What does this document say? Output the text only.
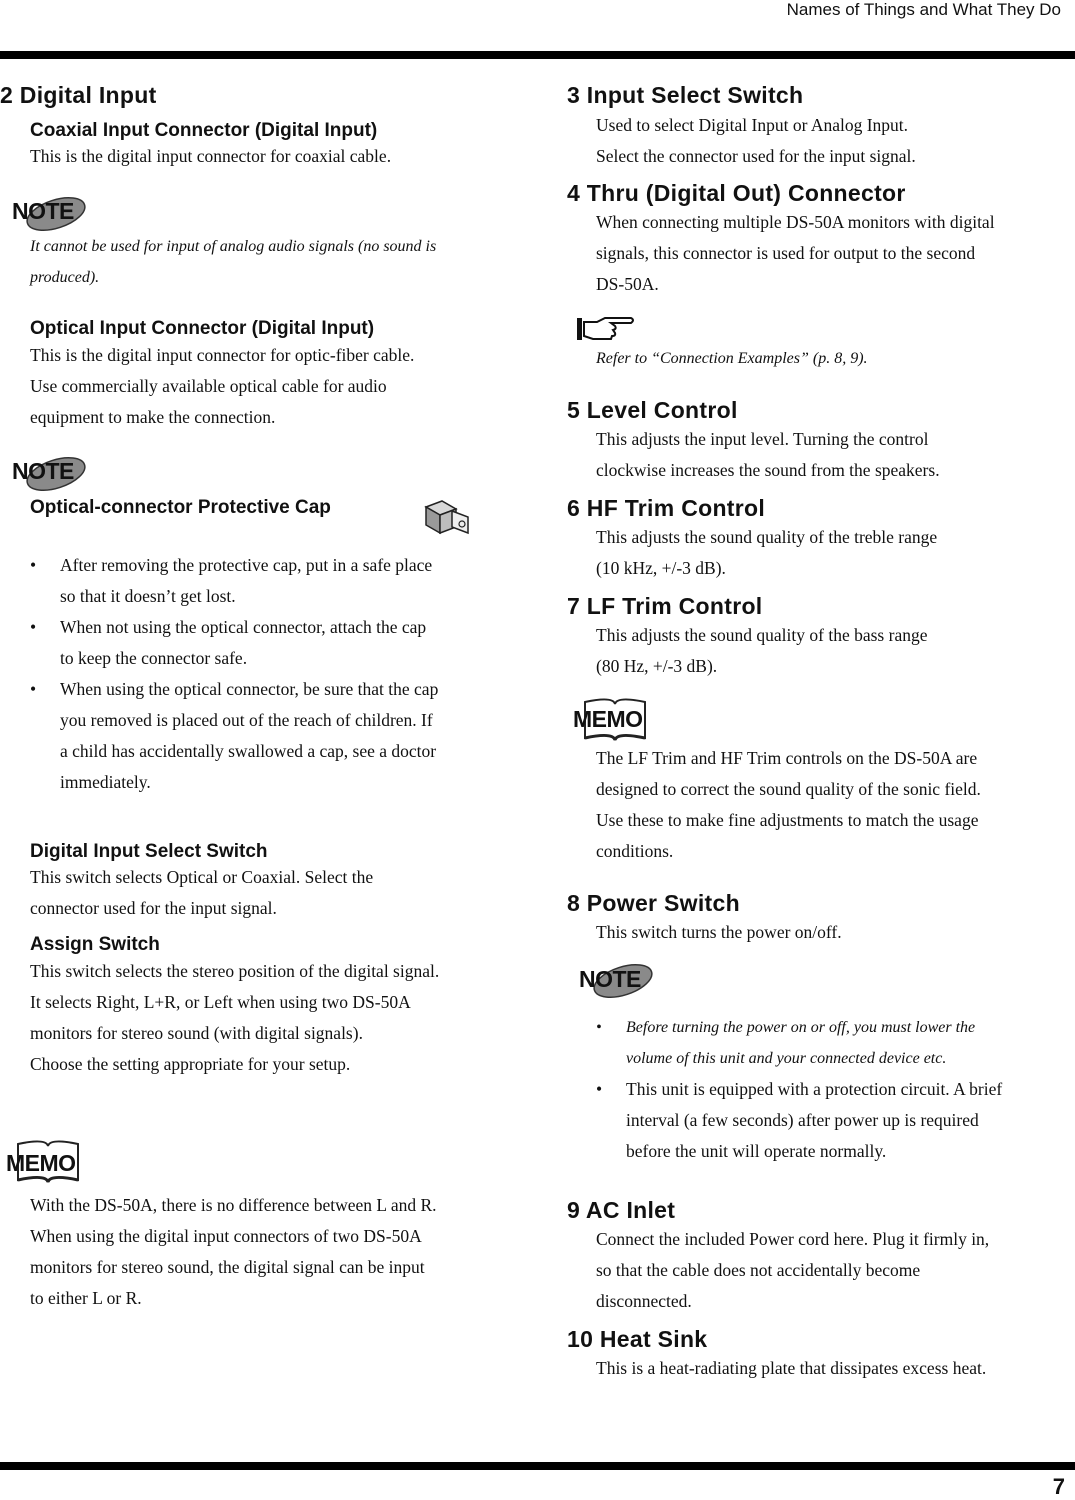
Names of Things and What They Do
2 Digital Input
Coaxial Input Connector (Digital Input)
This is the digital input connector for coaxial cable.
NOTE
It cannot be used for input of analog audio signals (no sound is
produced).
Optical Input Connector (Digital Input)
This is the digital input connector for optic-fiber cable.
Use commercially available optical cable for audio
equipment to make the connection.
NOTE
Optical-connector Protective Cap
• After removing the protective cap, put in a safe place
so that it doesn’t get lost.
• When not using the optical connector, attach the cap
to keep the connector safe.
• When using the optical connector, be sure that the cap
you removed is placed out of the reach of children. If
a child has accidentally swallowed a cap, see a doctor
immediately.
Digital Input Select Switch
This switch selects Optical or Coaxial. Select the
connector used for the input signal.
Assign Switch
This switch selects the stereo position of the digital signal.
It selects Right, L+R, or Left when using two DS-50A
monitors for stereo sound (with digital signals).
Choose the setting appropriate for your setup.
MEMO
With the DS-50A, there is no difference between L and R.
When using the digital input connectors of two DS-50A
monitors for stereo sound, the digital signal can be input
to either L or R.
3 Input Select Switch
Used to select Digital Input or Analog Input.
Select the connector used for the input signal.
4 Thru (Digital Out) Connector
When connecting multiple DS-50A monitors with digital
signals, this connector is used for output to the second
DS-50A.
Refer to “Connection Examples” (p. 8, 9).
5 Level Control
This adjusts the input level. Turning the control
clockwise increases the sound from the speakers.
6 HF Trim Control
This adjusts the sound quality of the treble range
(10 kHz, +/-3 dB).
7 LF Trim Control
This adjusts the sound quality of the bass range
(80 Hz, +/-3 dB).
MEMO
The LF Trim and HF Trim controls on the DS-50A are
designed to correct the sound quality of the sonic field.
Use these to make fine adjustments to match the usage
conditions.
8 Power Switch
This switch turns the power on/off.
NOTE
• Before turning the power on or off, you must lower the
volume of this unit and your connected device etc.
• This unit is equipped with a protection circuit. A brief
interval (a few seconds) after power up is required
before the unit will operate normally.
9 AC Inlet
Connect the included Power cord here. Plug it firmly in,
so that the cable does not accidentally become
disconnected.
10 Heat Sink
This is a heat-radiating plate that dissipates excess heat.
7
